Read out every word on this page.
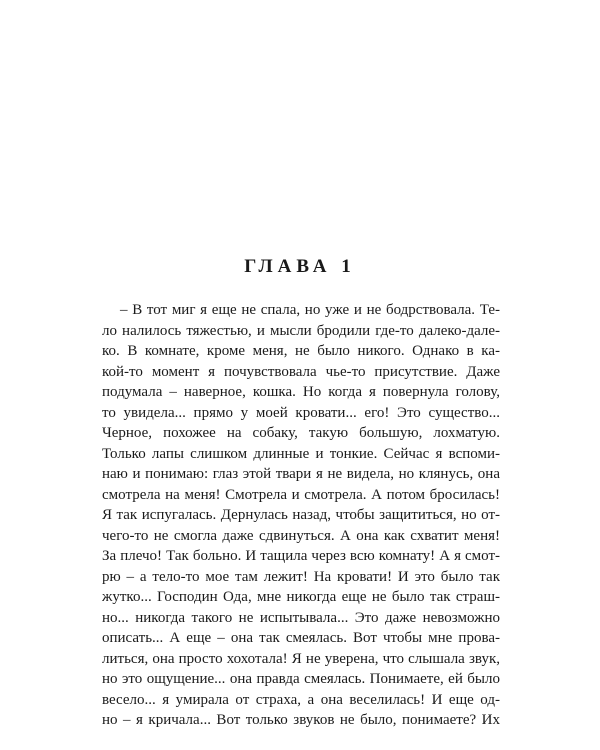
ГЛАВА 1
– В тот миг я еще не спала, но уже и не бодрствовала. Те-
ло налилось тяжестью, и мысли бродили где-то далеко-дале-
ко. В комнате, кроме меня, не было никого. Однако в ка-
кой-то момент я почувствовала чье-то присутствие. Даже
подумала – наверное, кошка. Но когда я повернула голову,
то увидела... прямо у моей кровати... его! Это существо...
Черное, похожее на собаку, такую большую, лохматую.
Только лапы слишком длинные и тонкие. Сейчас я вспоми-
наю и понимаю: глаз этой твари я не видела, но клянусь, она
смотрела на меня! Смотрела и смотрела. А потом бросилась!
Я так испугалась. Дернулась назад, чтобы защититься, но от-
чего-то не смогла даже сдвинуться. А она как схватит меня!
За плечо! Так больно. И тащила через всю комнату! А я смот-
рю – а тело-то мое там лежит! На кровати! И это было так
жутко... Господин Ода, мне никогда еще не было так страш-
но... никогда такого не испытывала... Это даже невозможно
описать... А еще – она так смеялась. Вот чтобы мне прова-
литься, она просто хохотала! Я не уверена, что слышала звук,
но это ощущение... она правда смеялась. Понимаете, ей было
весело... я умирала от страха, а она веселилась! И еще од-
но – я кричала... Вот только звуков не было, понимаете? Их
